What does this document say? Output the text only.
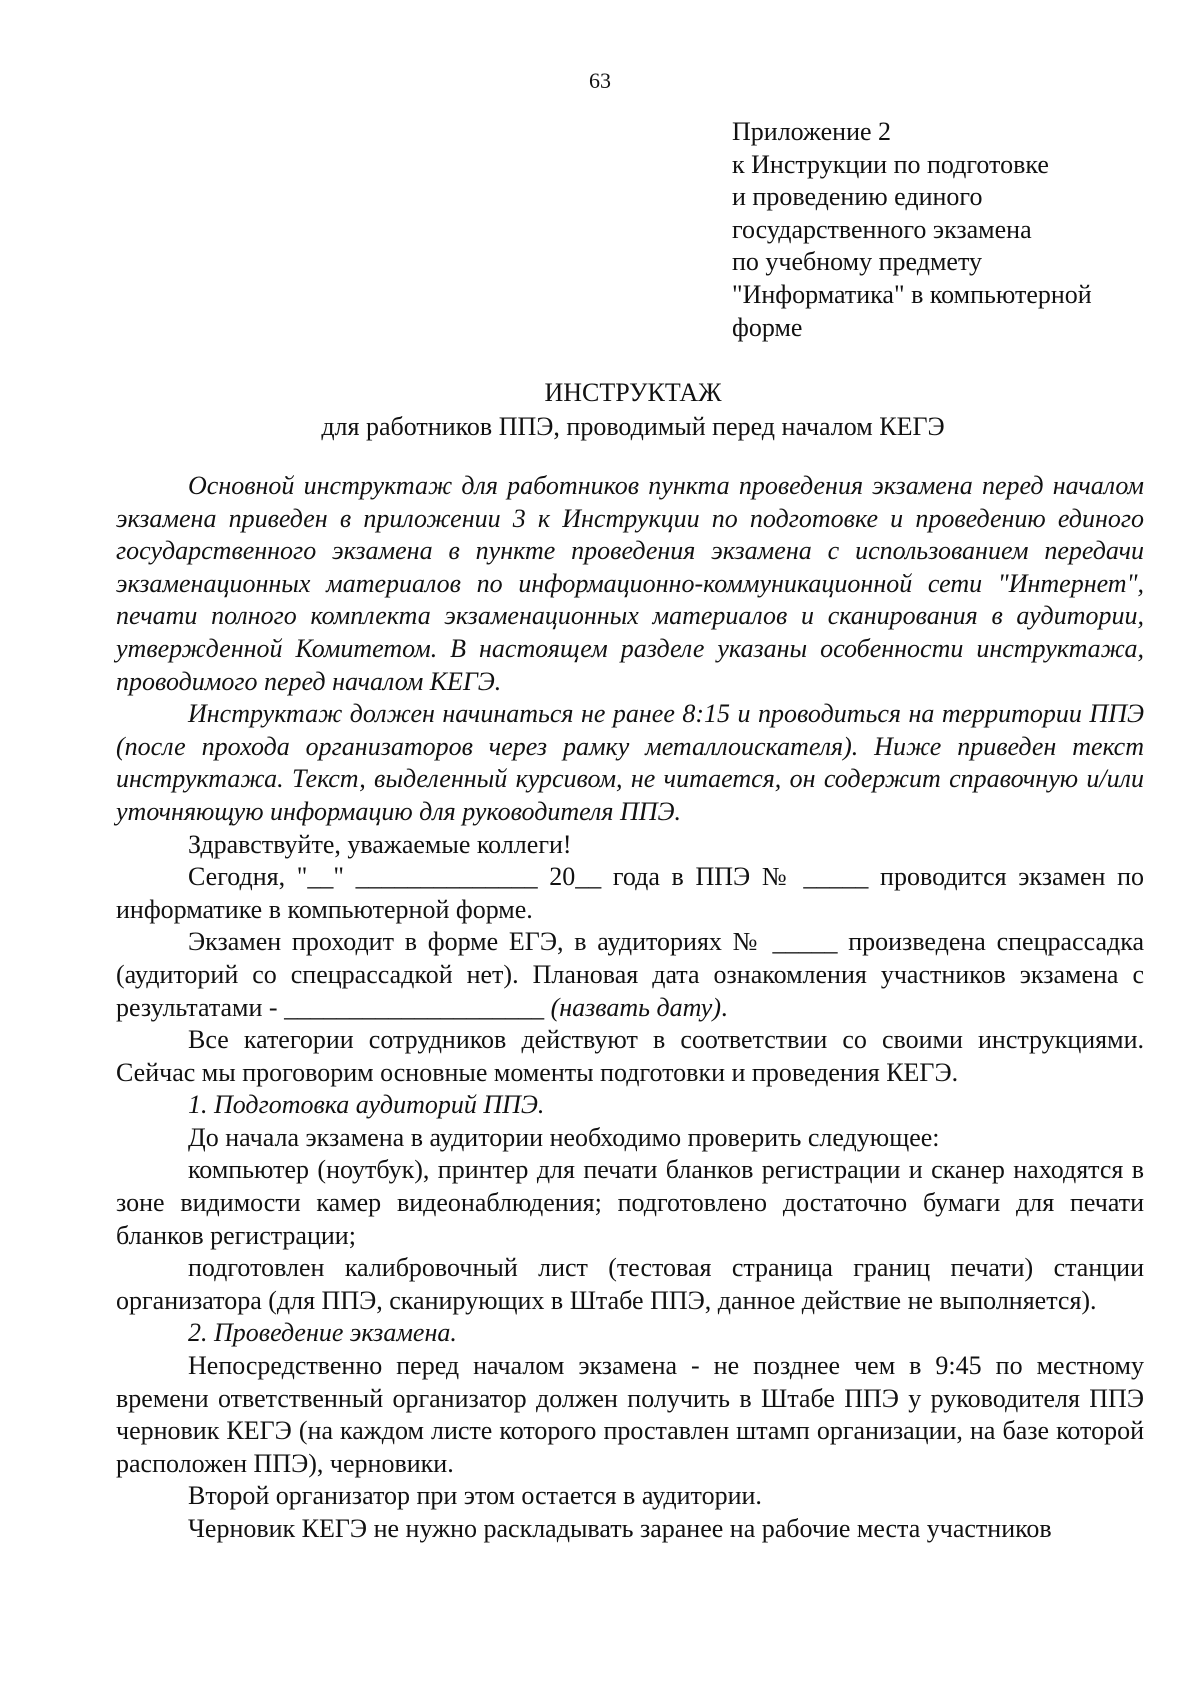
63
Приложение 2
к Инструкции по подготовке
и проведению единого
государственного экзамена
по учебному предмету
"Информатика" в компьютерной
форме
ИНСТРУКТАЖ
для работников ППЭ, проводимый перед началом КЕГЭ

Основной инструктаж для работников пункта проведения экзамена перед началом экзамена приведен в приложении 3 к Инструкции по подготовке и проведению единого государственного экзамена в пункте проведения экзамена с использованием передачи экзаменационных материалов по информационно-коммуникационной сети "Интернет", печати полного комплекта экзаменационных материалов и сканирования в аудитории, утвержденной Комитетом. В настоящем разделе указаны особенности инструктажа, проводимого перед началом КЕГЭ.

Инструктаж должен начинаться не ранее 8:15 и проводиться на территории ППЭ (после прохода организаторов через рамку металлоискателя). Ниже приведен текст инструктажа. Текст, выделенный курсивом, не читается, он содержит справочную и/или уточняющую информацию для руководителя ППЭ.

Здравствуйте, уважаемые коллеги!

Сегодня, "__" ______________ 20__ года в ППЭ № _____ проводится экзамен по информатике в компьютерной форме.

Экзамен проходит в форме ЕГЭ, в аудиториях № _____ произведена спецрассадка (аудиторий со спецрассадкой нет). Плановая дата ознакомления участников экзамена с результатами - ____________________ (назвать дату).

Все категории сотрудников действуют в соответствии со своими инструкциями. Сейчас мы проговорим основные моменты подготовки и проведения КЕГЭ.

1. Подготовка аудиторий ППЭ.

До начала экзамена в аудитории необходимо проверить следующее:

компьютер (ноутбук), принтер для печати бланков регистрации и сканер находятся в зоне видимости камер видеонаблюдения; подготовлено достаточно бумаги для печати бланков регистрации;

подготовлен калибровочный лист (тестовая страница границ печати) станции организатора (для ППЭ, сканирующих в Штабе ППЭ, данное действие не выполняется).

2. Проведение экзамена.

Непосредственно перед началом экзамена - не позднее чем в 9:45 по местному времени ответственный организатор должен получить в Штабе ППЭ у руководителя ППЭ черновик КЕГЭ (на каждом листе которого проставлен штамп организации, на базе которой расположен ППЭ), черновики.

Второй организатор при этом остается в аудитории.

Черновик КЕГЭ не нужно раскладывать заранее на рабочие места участников
